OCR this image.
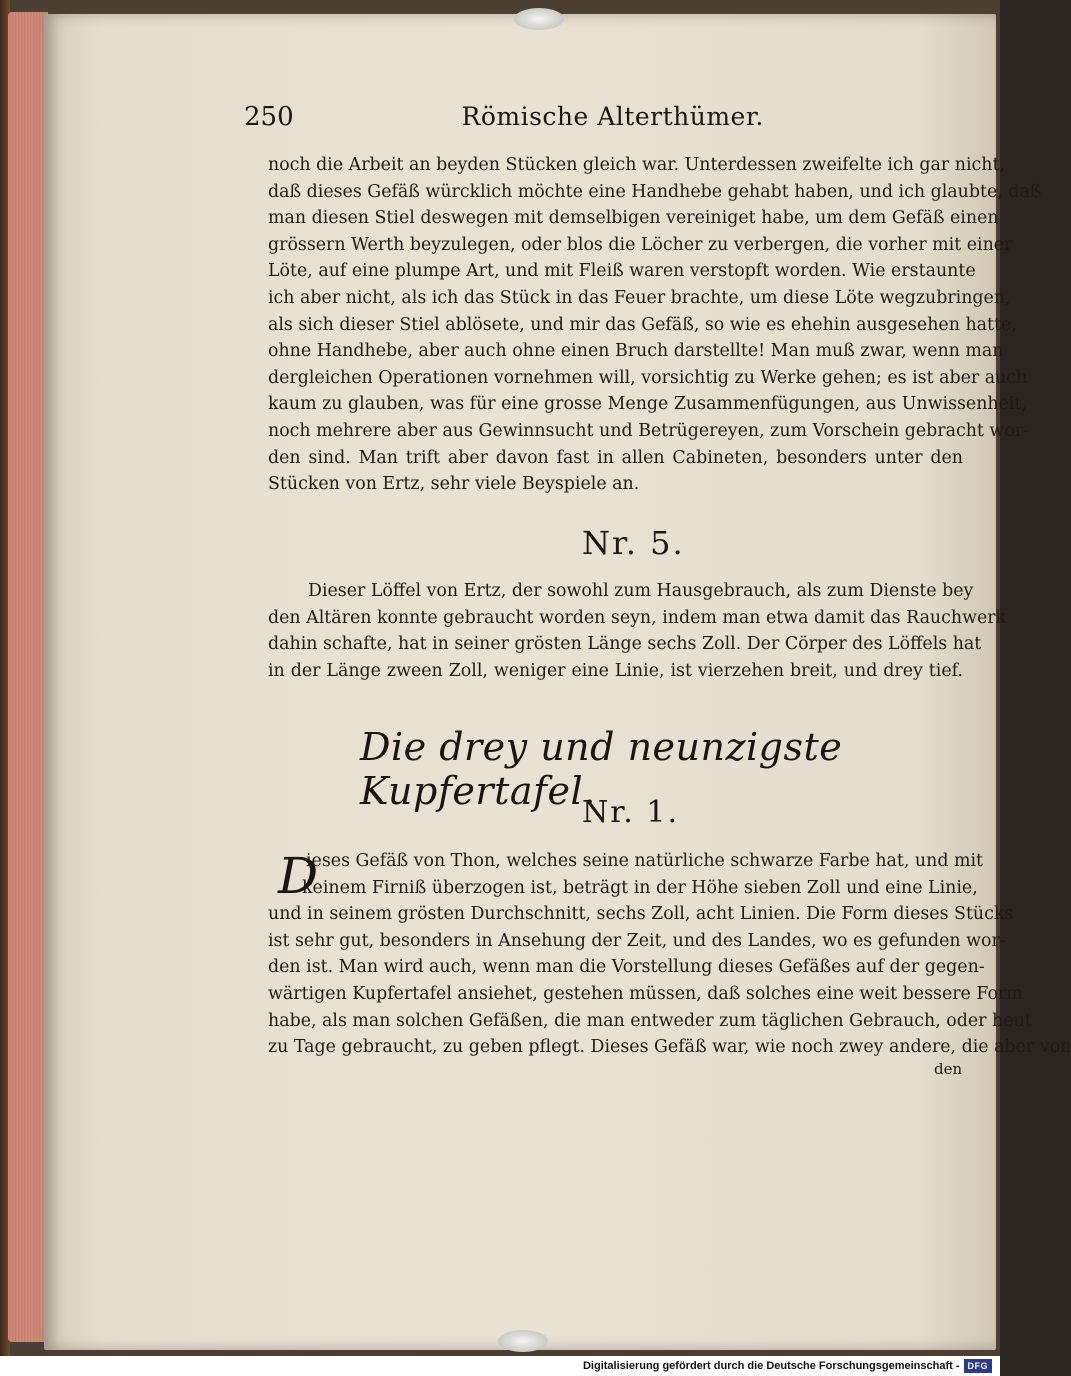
250	Römische Alterthümer.
noch die Arbeit an beyden Stücken gleich war. Unterdessen zweifelte ich gar nicht,
daß dieses Gefäß würcklich möchte eine Handhebe gehabt haben, und ich glaubte, daß
man diesen Stiel deswegen mit demselbigen vereiniget habe, um dem Gefäß einen
grössern Werth beyzulegen, oder blos die Löcher zu verbergen, die vorher mit einer
Löte, auf eine plumpe Art, und mit Fleiß waren verstopft worden. Wie erstaunte
ich aber nicht, als ich das Stück in das Feuer brachte, um diese Löte wegzubringen,
als sich dieser Stiel ablösete, und mir das Gefäß, so wie es ehehin ausgesehen hatte,
ohne Handhebe, aber auch ohne einen Bruch darstellte! Man muß zwar, wenn man
dergleichen Operationen vornehmen will, vorsichtig zu Werke gehen; es ist aber auch
kaum zu glauben, was für eine grosse Menge Zusammenfügungen, aus Unwissenheit,
noch mehrere aber aus Gewinnsucht und Betrügereyen, zum Vorschein gebracht wor-
den sind. Man trift aber davon fast in allen Cabineten, besonders unter den
Stücken von Ertz, sehr viele Beyspiele an.
Nr. 5.
Dieser Löffel von Ertz, der sowohl zum Hausgebrauch, als zum Dienste bey
den Altären konnte gebraucht worden seyn, indem man etwa damit das Rauchwerk
dahin schafte, hat in seiner grösten Länge sechs Zoll. Der Cörper des Löffels hat
in der Länge zween Zoll, weniger eine Linie, ist vierzehen breit, und drey tief.
Die drey und neunzigste Kupfertafel.
Nr. 1.
D
ieses Gefäß von Thon, welches seine natürliche schwarze Farbe hat, und mit
keinem Firniß überzogen ist, beträgt in der Höhe sieben Zoll und eine Linie,
und in seinem grösten Durchschnitt, sechs Zoll, acht Linien. Die Form dieses Stücks
ist sehr gut, besonders in Ansehung der Zeit, und des Landes, wo es gefunden wor-
den ist. Man wird auch, wenn man die Vorstellung dieses Gefäßes auf der gegen-
wärtigen Kupfertafel ansiehet, gestehen müssen, daß solches eine weit bessere Form
habe, als man solchen Gefäßen, die man entweder zum täglichen Gebrauch, oder heut
zu Tage gebraucht, zu geben pflegt. Dieses Gefäß war, wie noch zwey andere, die aber von
den
Digitalisierung gefördert durch die Deutsche Forschungsgemeinschaft - DFG
